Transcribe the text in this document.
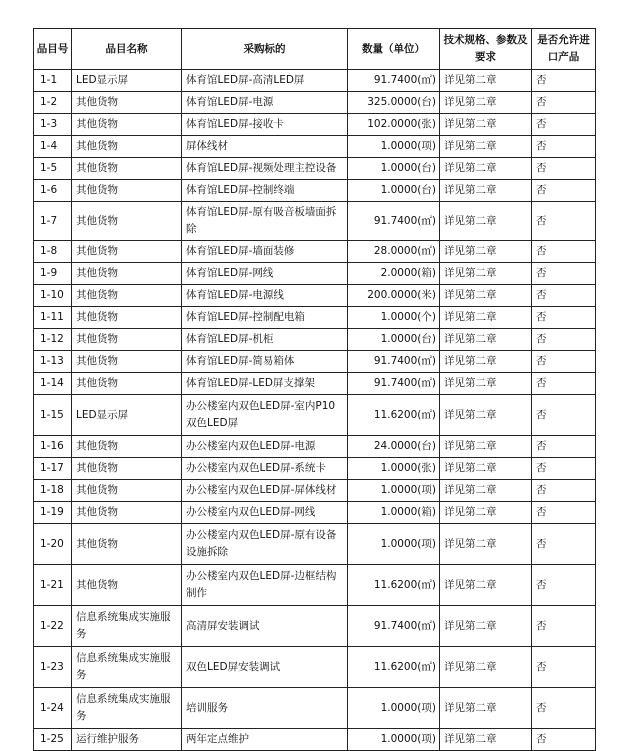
品目号	品目名称	采购标的	数量（单位）	技术规格、参数及要求	是否允许进口产品
1-1	LED显示屏	体育馆LED屏-高清LED屏	91.7400(㎡)	详见第二章	否
1-2	其他货物	体育馆LED屏-电源	325.0000(台)	详见第二章	否
1-3	其他货物	体育馆LED屏-接收卡	102.0000(张)	详见第二章	否
1-4	其他货物	屏体线材	1.0000(项)	详见第二章	否
1-5	其他货物	体育馆LED屏-视频处理主控设备	1.0000(台)	详见第二章	否
1-6	其他货物	体育馆LED屏-控制终端	1.0000(台)	详见第二章	否
1-7	其他货物	体育馆LED屏-原有吸音板墙面拆除	91.7400(㎡)	详见第二章	否
1-8	其他货物	体育馆LED屏-墙面装修	28.0000(㎡)	详见第二章	否
1-9	其他货物	体育馆LED屏-网线	2.0000(箱)	详见第二章	否
1-10	其他货物	体育馆LED屏-电源线	200.0000(米)	详见第二章	否
1-11	其他货物	体育馆LED屏-控制配电箱	1.0000(个)	详见第二章	否
1-12	其他货物	体育馆LED屏-机柜	1.0000(台)	详见第二章	否
1-13	其他货物	体育馆LED屏-简易箱体	91.7400(㎡)	详见第二章	否
1-14	其他货物	体育馆LED屏-LED屏支撑架	91.7400(㎡)	详见第二章	否
1-15	LED显示屏	办公楼室内双色LED屏-室内P10双色LED屏	11.6200(㎡)	详见第二章	否
1-16	其他货物	办公楼室内双色LED屏-电源	24.0000(台)	详见第二章	否
1-17	其他货物	办公楼室内双色LED屏-系统卡	1.0000(张)	详见第二章	否
1-18	其他货物	办公楼室内双色LED屏-屏体线材	1.0000(项)	详见第二章	否
1-19	其他货物	办公楼室内双色LED屏-网线	1.0000(箱)	详见第二章	否
1-20	其他货物	办公楼室内双色LED屏-原有设备设施拆除	1.0000(项)	详见第二章	否
1-21	其他货物	办公楼室内双色LED屏-边框结构制作	11.6200(㎡)	详见第二章	否
1-22	信息系统集成实施服务	高清屏安装调试	91.7400(㎡)	详见第二章	否
1-23	信息系统集成实施服务	双色LED屏安装调试	11.6200(㎡)	详见第二章	否
1-24	信息系统集成实施服务	培训服务	1.0000(项)	详见第二章	否
1-25	运行维护服务	两年定点维护	1.0000(项)	详见第二章	否
